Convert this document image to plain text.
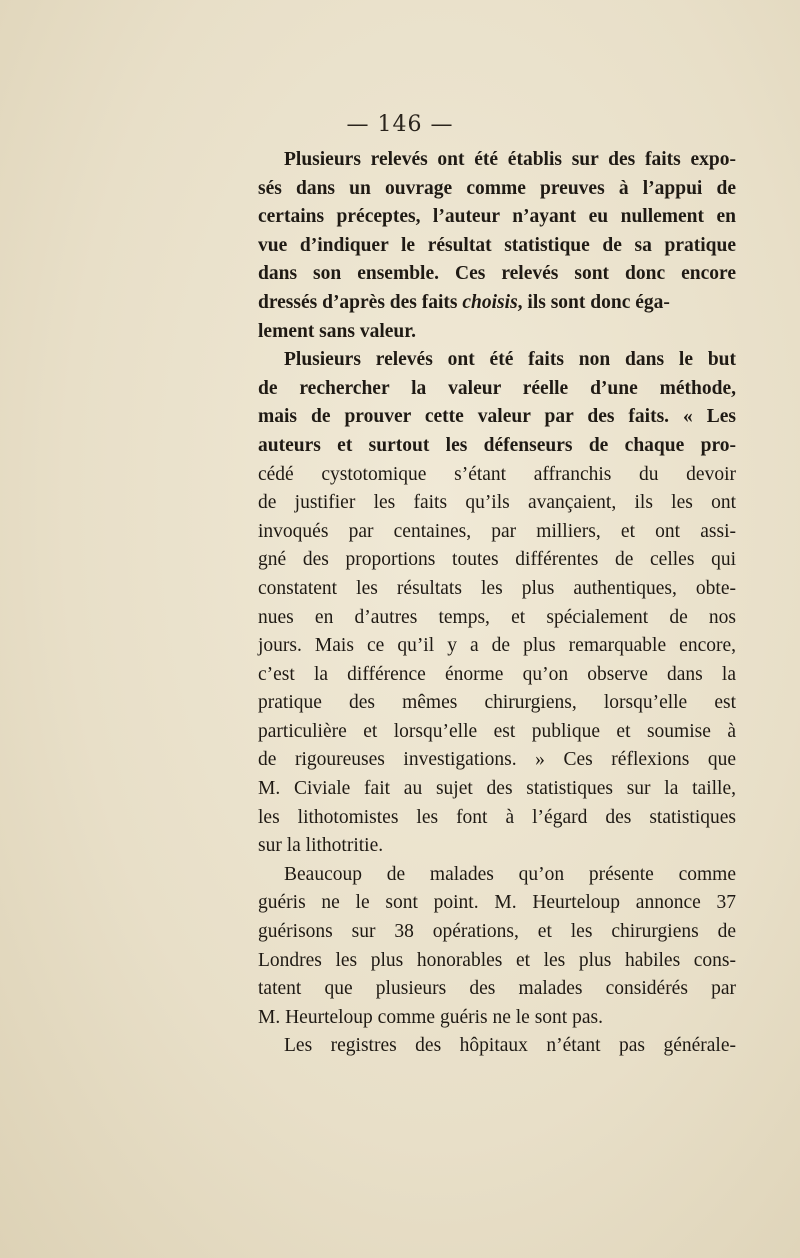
— 146 —
Plusieurs relevés ont été établis sur des faits expo-
sés dans un ouvrage comme preuves à l’appui de
certains préceptes, l’auteur n’ayant eu nullement en
vue d’indiquer le résultat statistique de sa pratique
dans son ensemble. Ces relevés sont donc encore
dressés d’après des faits choisis, ils sont donc éga-
lement sans valeur.
Plusieurs relevés ont été faits non dans le but
de rechercher la valeur réelle d’une méthode,
mais de prouver cette valeur par des faits. « Les
auteurs et surtout les défenseurs de chaque pro-
cédé cystotomique s’étant affranchis du devoir
de justifier les faits qu’ils avançaient, ils les ont
invoqués par centaines, par milliers, et ont assi-
gné des proportions toutes différentes de celles qui
constatent les résultats les plus authentiques, obte-
nues en d’autres temps, et spécialement de nos
jours. Mais ce qu’il y a de plus remarquable encore,
c’est la différence énorme qu’on observe dans la
pratique des mêmes chirurgiens, lorsqu’elle est
particulière et lorsqu’elle est publique et soumise à
de rigoureuses investigations. » Ces réflexions que
M. Civiale fait au sujet des statistiques sur la taille,
les lithotomistes les font à l’égard des statistiques
sur la lithotritie.
Beaucoup de malades qu’on présente comme
guéris ne le sont point. M. Heurteloup annonce 37
guérisons sur 38 opérations, et les chirurgiens de
Londres les plus honorables et les plus habiles cons-
tatent que plusieurs des malades considérés par
M. Heurteloup comme guéris ne le sont pas.
Les registres des hôpitaux n’étant pas générale-
